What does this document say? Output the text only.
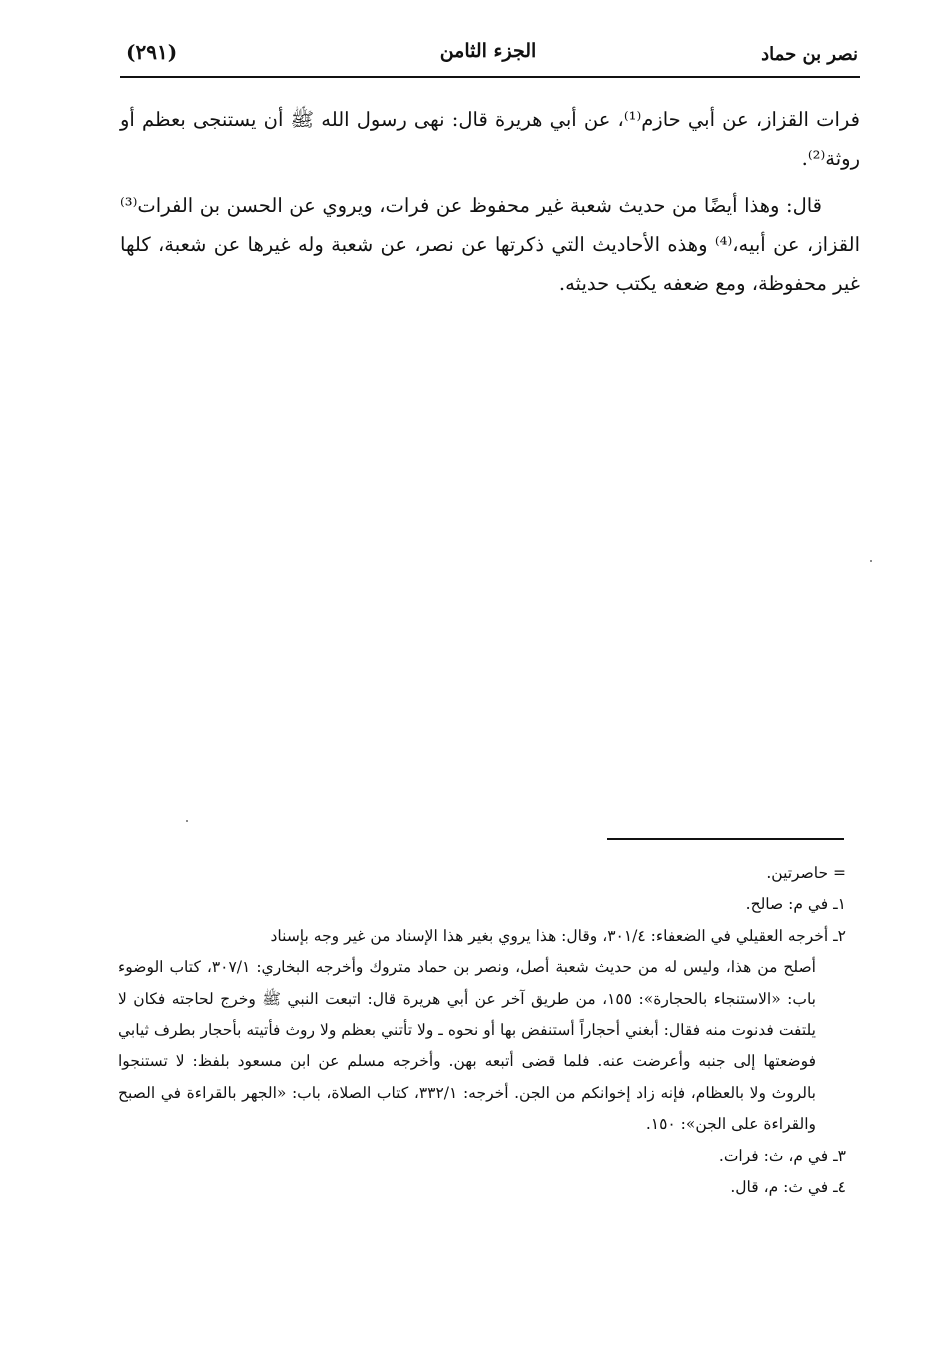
نصر بن حماد
الجزء الثامن
(٢٩١)

فرات القزاز، عن أبي حازم⁽¹⁾، عن أبي هريرة قال: نهى رسول الله ﷺ أن يستنجى بعظم أو روثة⁽²⁾.

قال: وهذا أيضًا من حديث شعبة غير محفوظ عن فرات، ويروي عن الحسن بن الفرات⁽³⁾ القزاز، عن أبيه،⁽⁴⁾ وهذه الأحاديث التي ذكرتها عن نصر، عن شعبة وله غيرها عن شعبة، كلها غير محفوظة، ومع ضعفه يكتب حديثه.

= حاصرتين.

١ـ في م: صالح.

٢ـ أخرجه العقيلي في الضعفاء: ٣٠١/٤، وقال: هذا يروي بغير هذا الإسناد من غير وجه بإسناد

أصلح من هذا، وليس له من حديث شعبة أصل، ونصر بن حماد متروك وأخرجه البخاري: ٣٠٧/١، كتاب الوضوء باب: «الاستنجاء بالحجارة»: ١٥٥، من طريق آخر عن أبي هريرة قال: اتبعت النبي ﷺ وخرج لحاجته فكان لا يلتفت فدنوت منه فقال: أبغني أحجاراً أستنفض بها أو نحوه ـ ولا تأتني بعظم ولا روث فأتيته بأحجار بطرف ثيابي فوضعتها إلى جنبه وأعرضت عنه. فلما قضى أتبعه بهن. وأخرجه مسلم عن ابن مسعود بلفظ: لا تستنجوا بالروث ولا بالعظام، فإنه زاد إخوانكم من الجن. أخرجه: ٣٣٢/١، كتاب الصلاة، باب: «الجهر بالقراءة في الصبح والقراءة على الجن»: ١٥٠.

٣ـ في م، ث: فرات.

٤ـ في ث: م، قال.
